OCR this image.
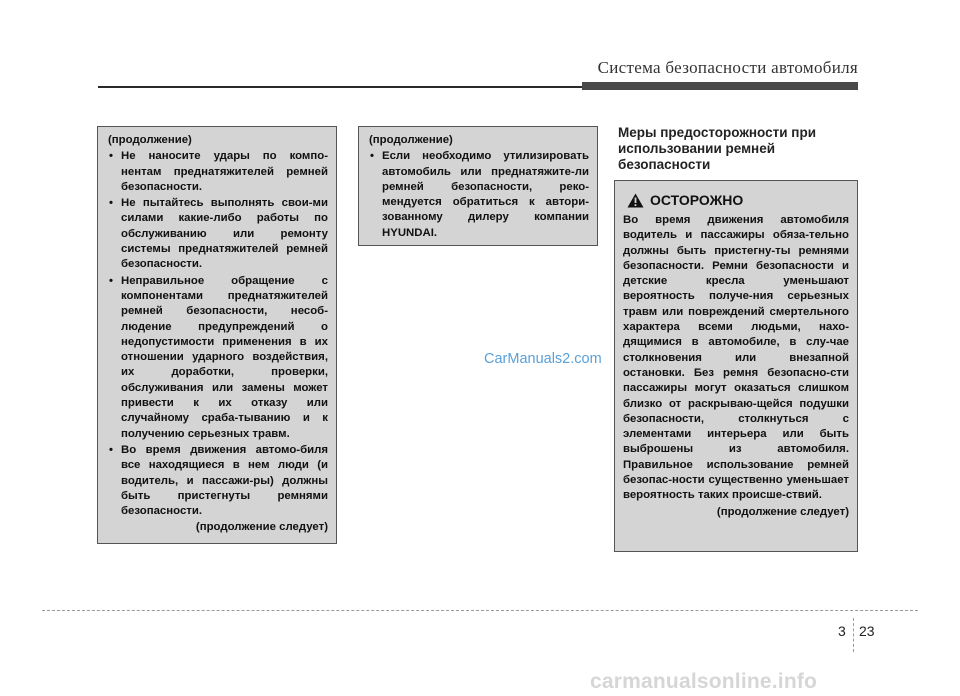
Система безопасности автомобиля
(продолжение)
• Не наносите удары по компо-нентам преднатяжителей ремней безопасности.
• Не пытайтесь выполнять свои-ми силами какие-либо работы по обслуживанию или ремонту системы преднатяжителей ремней безопасности.
• Неправильное обращение с компонентами преднатяжителей ремней безопасности, несоб-людение предупреждений о недопустимости применения в их отношении ударного воздействия, их доработки, проверки, обслуживания или замены может привести к их отказу или случайному сраба-тыванию и к получению серьезных травм.
• Во время движения автомо-биля все находящиеся в нем люди (и водитель, и пассажи-ры) должны быть пристегнуты ремнями безопасности.
(продолжение следует)
(продолжение)
• Если необходимо утилизировать автомобиль или преднатяжите-ли ремней безопасности, реко-мендуется обратиться к автори-зованному дилеру компании HYUNDAI.
Меры предосторожности при использовании ремней безопасности
ОСТОРОЖНО

Во время движения автомобиля водитель и пассажиры обяза-тельно должны быть пристегну-ты ремнями безопасности. Ремни безопасности и детские кресла уменьшают вероятность получе-ния серьезных травм или повреждений смертельного характера всеми людьми, нахо-дящимися в автомобиле, в слу-чае столкновения или внезапной остановки. Без ремня безопасно-сти пассажиры могут оказаться слишком близко от раскрываю-щейся подушки безопасности, столкнуться с элементами интерьера или быть выброшены из автомобиля. Правильное использование ремней безопас-ности существенно уменьшает вероятность таких происше-ствий.

(продолжение следует)
CarManuals2.com
3 23
carmanualsonline.info
